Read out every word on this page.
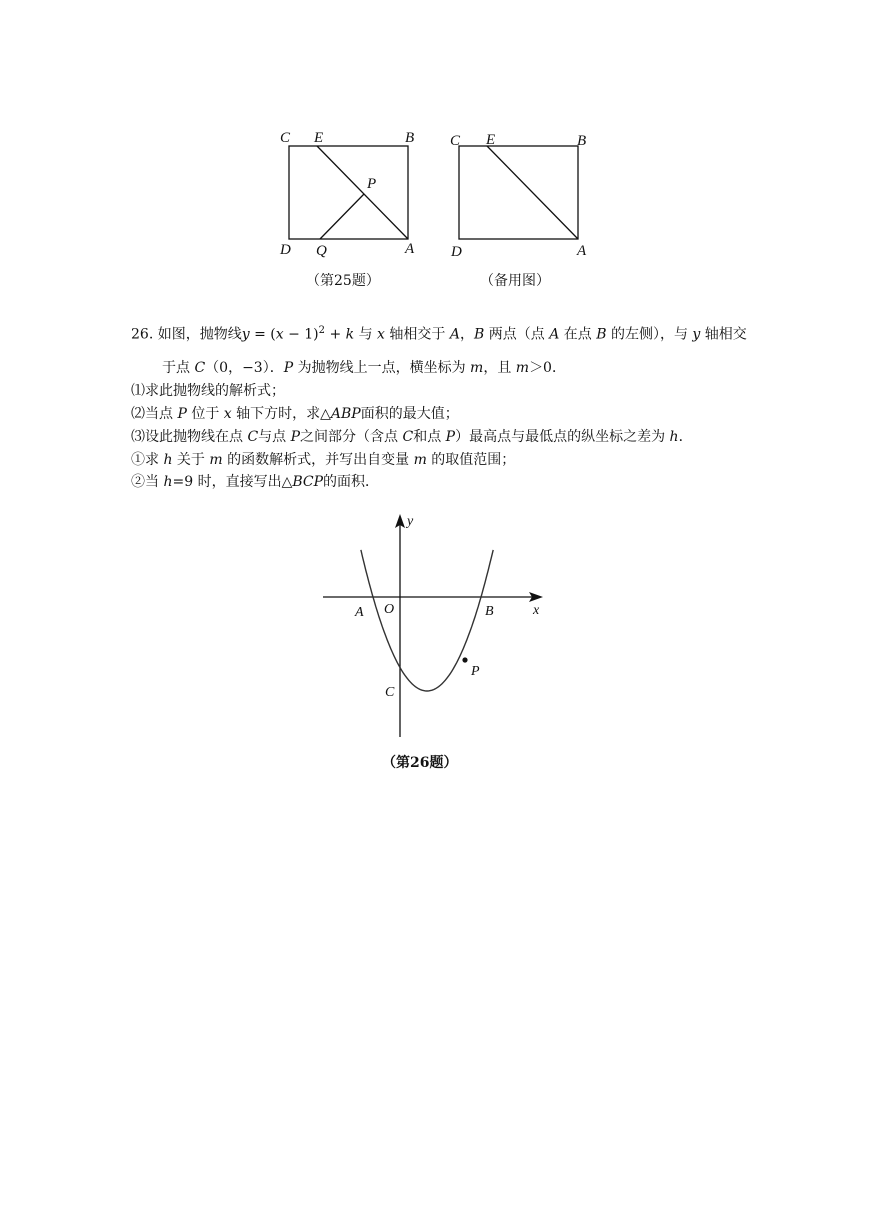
C E	B
P
D Q	A
C E	B
D	A
（第25题）	（备用图）
26. 如图，抛物线$y = (x - 1)^2 + k$ 与 x 轴相交于 A，B 两点（点 A 在点 B 的左侧），与 y 轴相交
于点 C（0，−3）．P 为抛物线上一点，横坐标为 m，且 m＞0．
⑴求此抛物线的解析式；
⑵当点 P 位于 x 轴下方时，求△ABP面积的最大值；
⑶设此抛物线在点 C与点 P之间部分（含点 C和点 P）最高点与最低点的纵坐标之差为 h．
①求 h 关于 m 的函数解析式，并写出自变量 m 的取值范围；
②当 h=9 时，直接写出△BCP的面积．
y
x
O
A	B
C
P
（第26题）
